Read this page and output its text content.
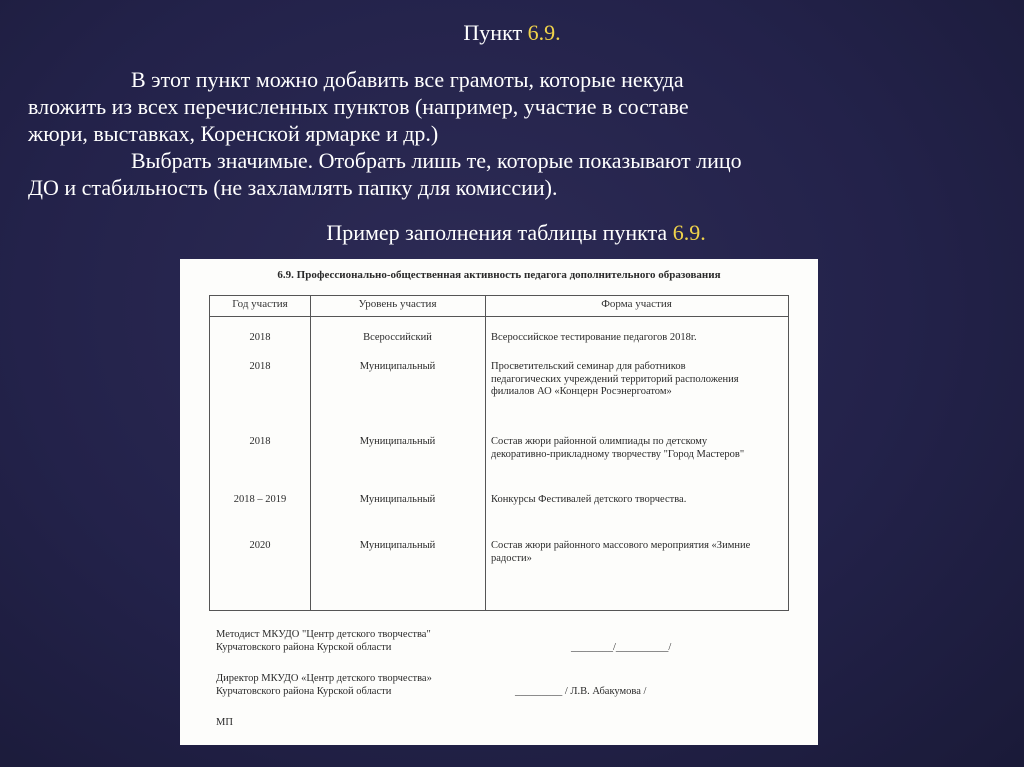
Пункт 6.9.
В этот пункт можно добавить все грамоты, которые некуда
вложить из всех перечисленных пунктов (например, участие в составе
жюри, выставках, Коренской ярмарке и др.)
Выбрать значимые. Отобрать лишь те, которые показывают лицо
ДО и стабильность (не захламлять папку для комиссии).
Пример заполнения таблицы пункта 6.9.
6.9. Профессионально-общественная активность педагога дополнительного образования
Год участия	Уровень участия	Форма участия
2018	Всероссийский	Всероссийское тестирование педагогов 2018г.
2018	Муниципальный	Просветительский семинар для работников педагогических учреждений территорий расположения филиалов АО «Концерн Росэнергоатом»
2018	Муниципальный	Состав жюри районной олимпиады по детскому декоративно-прикладному творчеству "Город Мастеров"
2018 – 2019	Муниципальный	Конкурсы Фестивалей детского творчества.
2020	Муниципальный	Состав жюри районного массового мероприятия «Зимние радости»
Методист МКУДО "Центр детского творчества"
Курчатовского района Курской области	________/__________/
Директор МКУДО «Центр детского творчества»
Курчатовского района Курской области	_________ / Л.В. Абакумова /
МП
